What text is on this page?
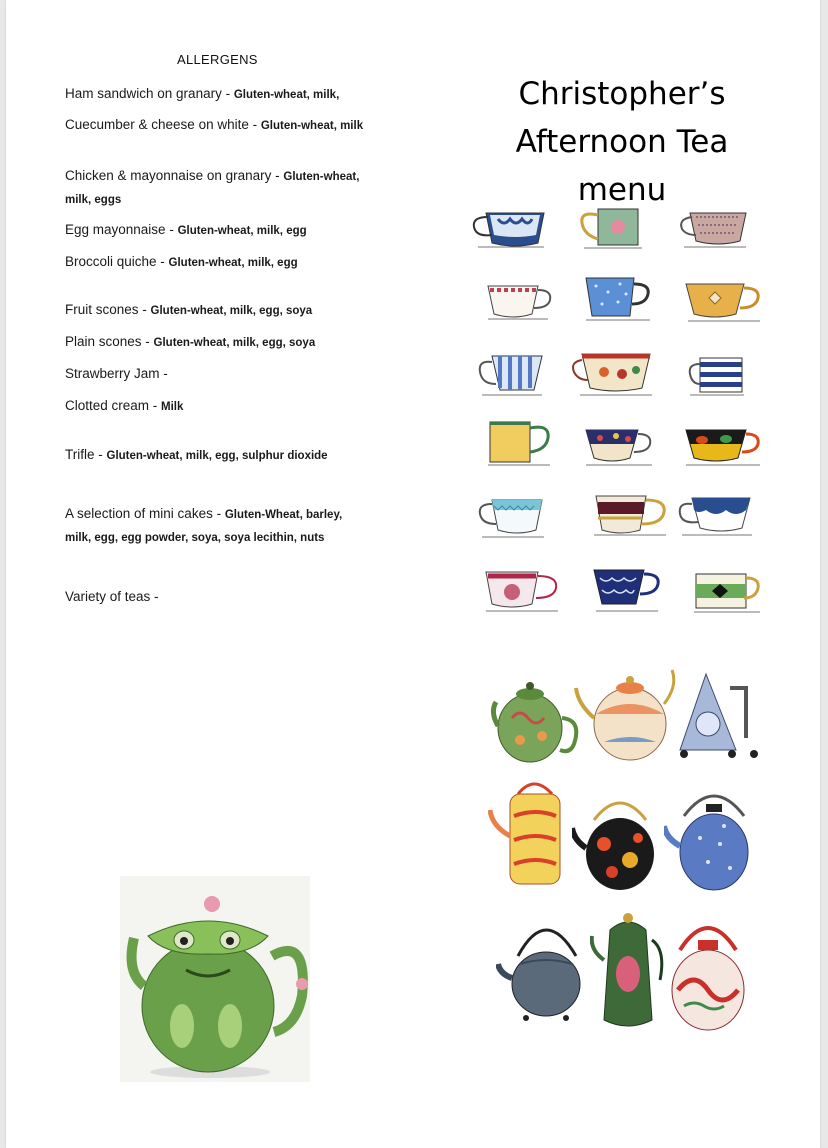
ALLERGENS
Ham sandwich on granary - Gluten-wheat, milk,
Cuecumber & cheese on white - Gluten-wheat, milk
Chicken & mayonnaise on granary - Gluten-wheat, milk, eggs
Egg mayonnaise - Gluten-wheat, milk, egg
Broccoli quiche - Gluten-wheat, milk, egg
Fruit scones - Gluten-wheat, milk, egg, soya
Plain scones - Gluten-wheat, milk, egg, soya
Strawberry Jam -
Clotted cream - Milk
Trifle - Gluten-wheat, milk, egg, sulphur dioxide
A selection of mini cakes - Gluten-Wheat, barley, milk, egg, egg powder, soya, soya lecithin, nuts
Variety of teas -
Christopher’s
Afternoon Tea menu
